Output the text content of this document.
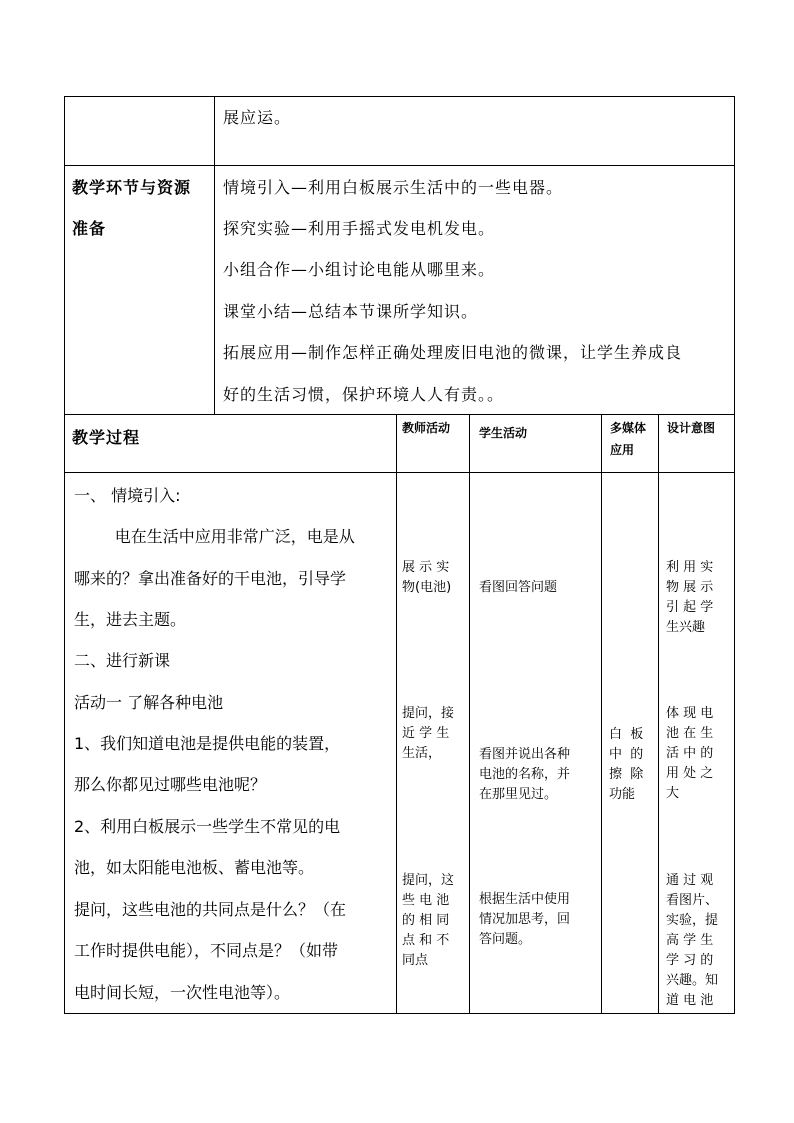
展应运。
教学环节与资源
准备
情境引入—利用白板展示生活中的一些电器。
探究实验—利用手摇式发电机发电。
小组合作—小组讨论电能从哪里来。
课堂小结—总结本节课所学知识。
拓展应用—制作怎样正确处理废旧电池的微课，让学生养成良
好的生活习惯，保护环境人人有责。。
教学过程	教师活动 学生活动	多媒体
应用
设计意图
一、 情境引入:
电在生活中应用非常广泛，电是从
哪来的？拿出准备好的干电池，引导学
生，进去主题。
二、进行新课
活动一 了解各种电池
1、我们知道电池是提供电能的装置，
那么你都见过哪些电池呢？
2、利用白板展示一些学生不常见的电
池，如太阳能电池板、蓄电池等。
提问，这些电池的共同点是什么？（在
工作时提供电能），不同点是？（如带
电时间长短，一次性电池等）。
展 示 实
物(电池)
提问，接
近 学 生
生活，
提问，这
些 电 池
的 相 同
点 和 不
同点
看图回答问题
看图并说出各种
电池的名称，并
在那里见过。
根据生活中使用
情况加思考，回
答问题。
白  板
中  的
擦  除
功能
利 用 实
物 展 示
引 起 学
生兴趣
体 现 电
池 在 生
活 中 的
用 处 之
大
通 过 观
看图片、
实验，提
高 学 生
学 习 的
兴趣。知
道 电 池
